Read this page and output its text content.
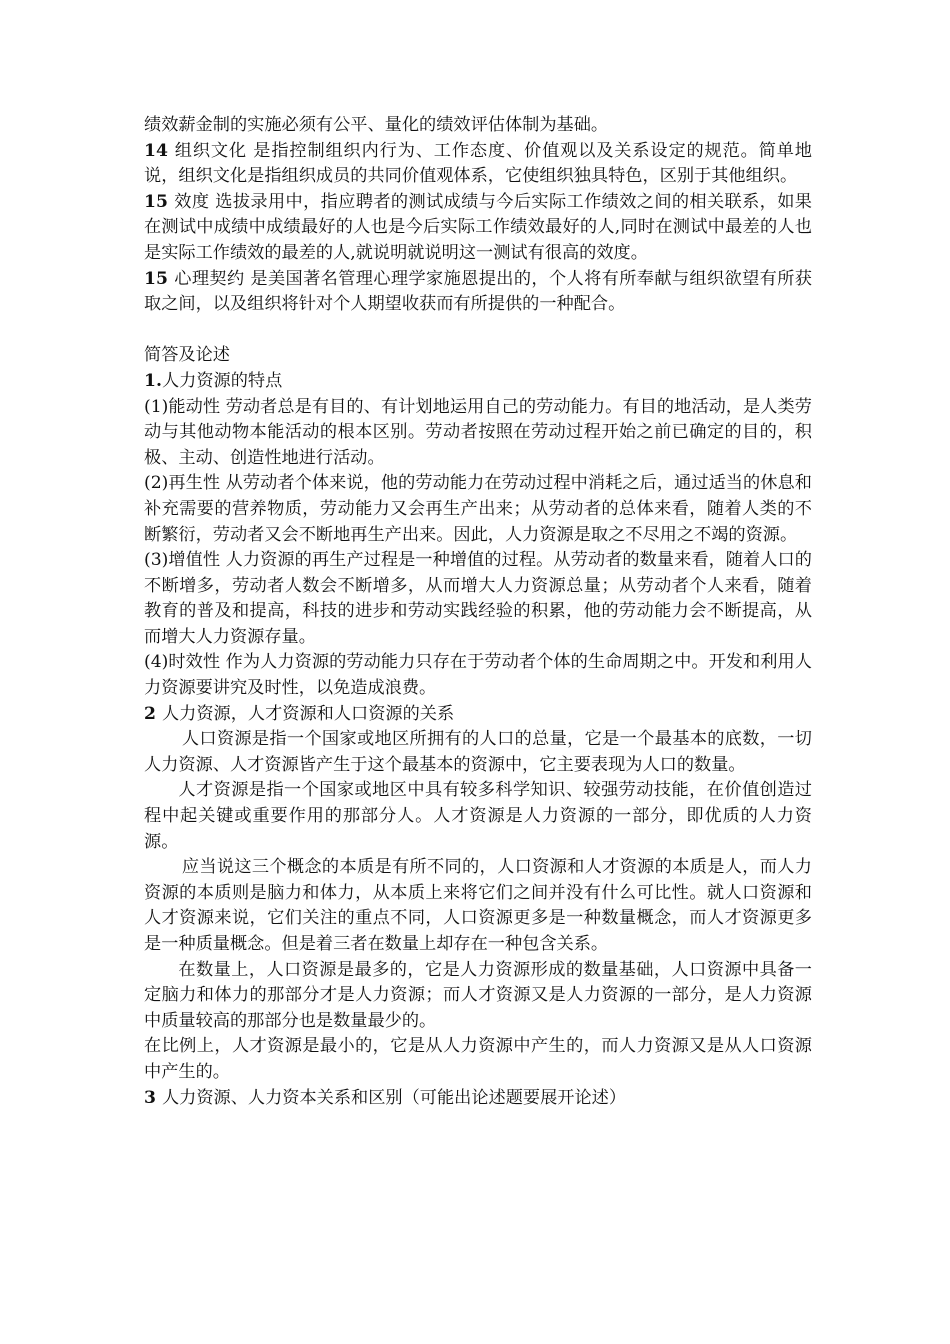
绩效薪金制的实施必须有公平、量化的绩效评估体制为基础。
14 组织文化 是指控制组织内行为、工作态度、价值观以及关系设定的规范。简单地说，组织文化是指组织成员的共同价值观体系，它使组织独具特色，区别于其他组织。
15 效度 选拔录用中，指应聘者的测试成绩与今后实际工作绩效之间的相关联系，如果在测试中成绩中成绩最好的人也是今后实际工作绩效最好的人,同时在测试中最差的人也是实际工作绩效的最差的人,就说明就说明这一测试有很高的效度。
15 心理契约 是美国著名管理心理学家施恩提出的，个人将有所奉献与组织欲望有所获取之间，以及组织将针对个人期望收获而有所提供的一种配合。
简答及论述
1.人力资源的特点
(1)能动性 劳动者总是有目的、有计划地运用自己的劳动能力。有目的地活动，是人类劳动与其他动物本能活动的根本区别。劳动者按照在劳动过程开始之前已确定的目的，积极、主动、创造性地进行活动。
(2)再生性 从劳动者个体来说，他的劳动能力在劳动过程中消耗之后，通过适当的休息和补充需要的营养物质，劳动能力又会再生产出来；从劳动者的总体来看，随着人类的不断繁衍，劳动者又会不断地再生产出来。因此，人力资源是取之不尽用之不竭的资源。
(3)增值性 人力资源的再生产过程是一种增值的过程。从劳动者的数量来看，随着人口的不断增多，劳动者人数会不断增多，从而增大人力资源总量；从劳动者个人来看，随着教育的普及和提高，科技的进步和劳动实践经验的积累，他的劳动能力会不断提高，从而增大人力资源存量。
(4)时效性 作为人力资源的劳动能力只存在于劳动者个体的生命周期之中。开发和利用人力资源要讲究及时性，以免造成浪费。
2 人力资源，人才资源和人口资源的关系
人口资源是指一个国家或地区所拥有的人口的总量，它是一个最基本的底数，一切人力资源、人才资源皆产生于这个最基本的资源中，它主要表现为人口的数量。
人才资源是指一个国家或地区中具有较多科学知识、较强劳动技能，在价值创造过程中起关键或重要作用的那部分人。人才资源是人力资源的一部分，即优质的人力资源。
应当说这三个概念的本质是有所不同的，人口资源和人才资源的本质是人，而人力资源的本质则是脑力和体力，从本质上来将它们之间并没有什么可比性。就人口资源和人才资源来说，它们关注的重点不同，人口资源更多是一种数量概念，而人才资源更多是一种质量概念。但是着三者在数量上却存在一种包含关系。
在数量上，人口资源是最多的，它是人力资源形成的数量基础，人口资源中具备一定脑力和体力的那部分才是人力资源；而人才资源又是人力资源的一部分，是人力资源中质量较高的那部分也是数量最少的。
在比例上，人才资源是最小的，它是从人力资源中产生的，而人力资源又是从人口资源中产生的。
3 人力资源、人力资本关系和区别（可能出论述题要展开论述）
